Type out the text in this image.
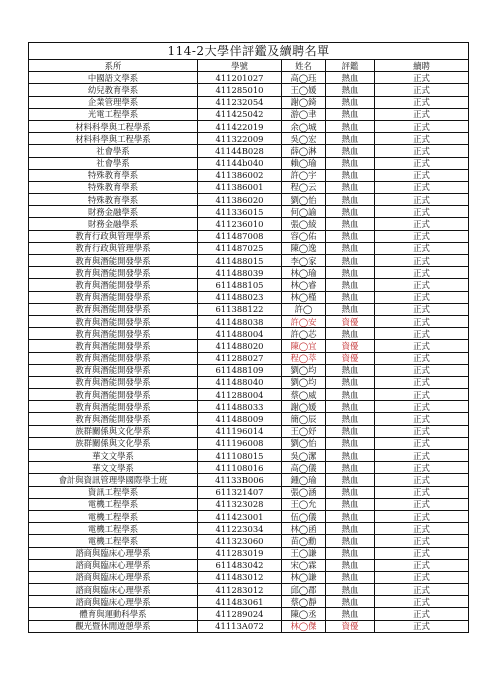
114-2大學伴評鑑及續聘名單				
系所	學號	姓名	評鑑	續聘
中國語文學系	411201027	高◯珏	熱血	正式
幼兒教育學系	411285010	王◯媛	熱血	正式
企業管理學系	411232054	謝◯錡	熱血	正式
光電工程學系	411425042	游◯聿	熱血	正式
材料科學與工程學系	411422019	余◯城	熱血	正式
材料科學與工程學系	411322009	吳◯宏	熱血	正式
社會學系	41144B028	薛◯淋	熱血	正式
社會學系	41144b040	賴◯瑜	熱血	正式
特殊教育學系	411386002	許◯宇	熱血	正式
特殊教育學系	411386001	程◯云	熱血	正式
特殊教育學系	411386020	劉◯怡	熱血	正式
財務金融學系	411336015	何◯諭	熱血	正式
財務金融學系	411236010	張◯綾	熱血	正式
教育行政與管理學系	411487008	容◯佑	熱血	正式
教育行政與管理學系	411487025	陳◯逸	熱血	正式
教育與潛能開發學系	411488015	李◯家	熱血	正式
教育與潛能開發學系	411488039	林◯瑜	熱血	正式
教育與潛能開發學系	611488105	林◯睿	熱血	正式
教育與潛能開發學系	411488023	林◯槿	熱血	正式
教育與潛能開發學系	611388122	許◯	熱血	正式
教育與潛能開發學系	411488038	許◯安	資優	正式
教育與潛能開發學系	411488004	許◯芯	熱血	正式
教育與潛能開發學系	411488020	陳◯宜	資優	正式
教育與潛能開發學系	411288027	程◯萃	資優	正式
教育與潛能開發學系	611488109	劉◯均	熱血	正式
教育與潛能開發學系	411488040	劉◯均	熱血	正式
教育與潛能開發學系	411288004	蔡◯威	熱血	正式
教育與潛能開發學系	411488033	謝◯媛	熱血	正式
教育與潛能開發學系	411488009	簡◯辰	熱血	正式
族群關係與文化學系	411196014	王◯妤	熱血	正式
族群關係與文化學系	411196008	劉◯怡	熱血	正式
華文文學系	411108015	吳◯潔	熱血	正式
華文文學系	411108016	高◯儀	熱血	正式
會計與資訊管理學國際學士班	41133B006	鍾◯瑜	熱血	正式
資訊工程學系	611321407	張◯涵	熱血	正式
電機工程學系	411323028	王◯允	熱血	正式
電機工程學系	411423001	伍◯儀	熱血	正式
電機工程學系	411223034	林◯函	熱血	正式
電機工程學系	411323060	苗◯勳	熱血	正式
諮商與臨床心理學系	411283019	王◯謙	熱血	正式
諮商與臨床心理學系	611483042	宋◯霖	熱血	正式
諮商與臨床心理學系	411483012	林◯謙	熱血	正式
諮商與臨床心理學系	411283012	邱◯郡	熱血	正式
諮商與臨床心理學系	411483061	蔡◯靜	熱血	正式
體育與運動科學系	411289024	陳◯丞	熱血	正式
觀光暨休閒遊憩學系	41113A072	林◯傑	資優	正式
